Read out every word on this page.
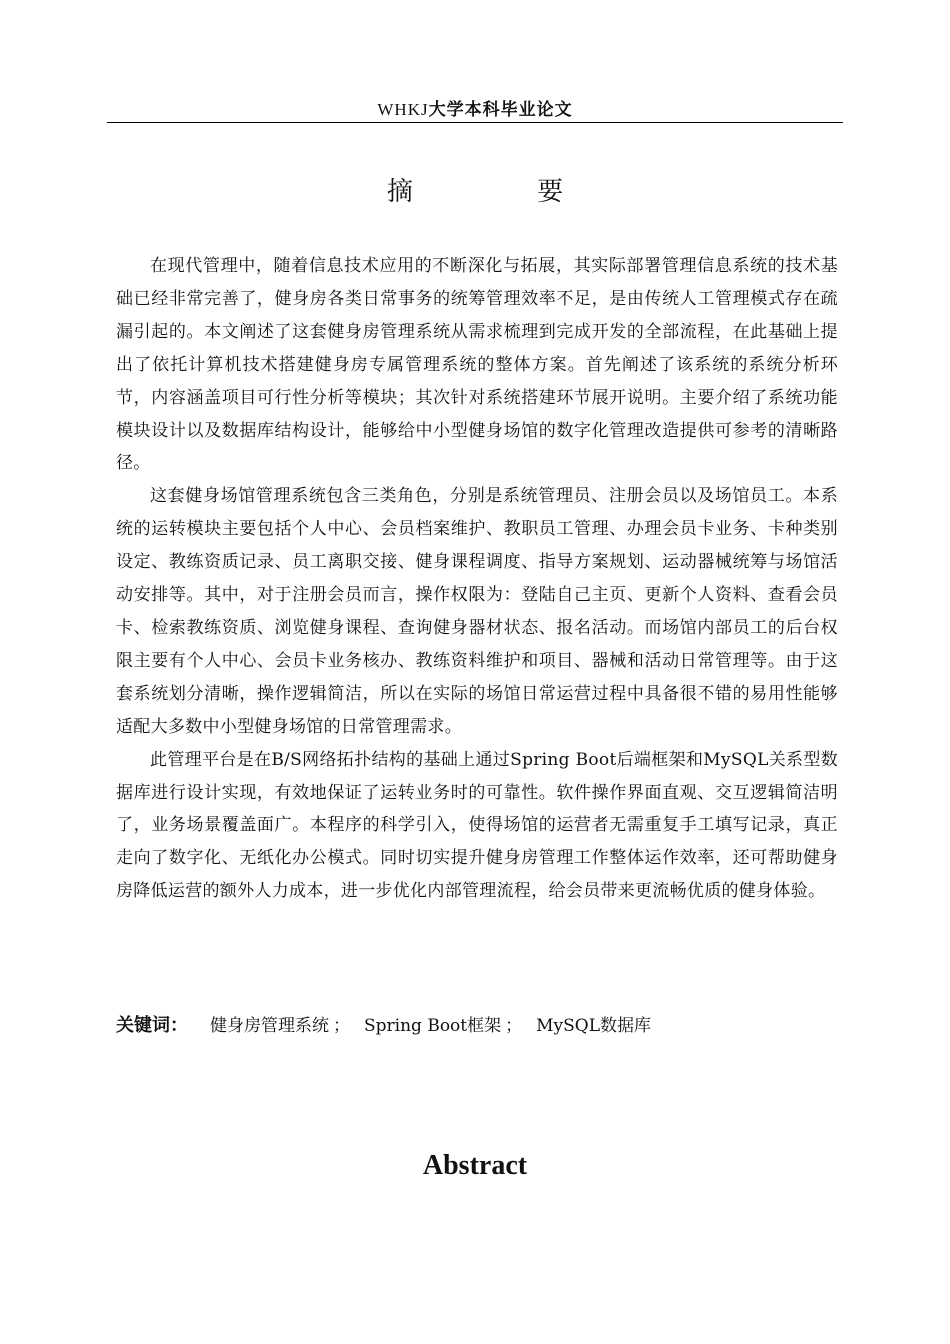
WHKJ大学本科毕业论文
摘 要

在现代管理中，随着信息技术应用的不断深化与拓展，其实际部署管理信息系统的技术基础已经非常完善了，健身房各类日常事务的统筹管理效率不足，是由传统人工管理模式存在疏漏引起的。本文阐述了这套健身房管理系统从需求梳理到完成开发的全部流程，在此基础上提出了依托计算机技术搭建健身房专属管理系统的整体方案。首先阐述了该系统的系统分析环节，内容涵盖项目可行性分析等模块；其次针对系统搭建环节展开说明。主要介绍了系统功能模块设计以及数据库结构设计，能够给中小型健身场馆的数字化管理改造提供可参考的清晰路径。

这套健身场馆管理系统包含三类角色，分别是系统管理员、注册会员以及场馆员工。本系统的运转模块主要包括个人中心、会员档案维护、教职员工管理、办理会员卡业务、卡种类别设定、教练资质记录、员工离职交接、健身课程调度、指导方案规划、运动器械统筹与场馆活动安排等。其中，对于注册会员而言，操作权限为：登陆自己主页、更新个人资料、查看会员卡、检索教练资质、浏览健身课程、查询健身器材状态、报名活动。而场馆内部员工的后台权限主要有个人中心、会员卡业务核办、教练资料维护和项目、器械和活动日常管理等。由于这套系统划分清晰，操作逻辑简洁，所以在实际的场馆日常运营过程中具备很不错的易用性能够适配大多数中小型健身场馆的日常管理需求。

此管理平台是在B/S网络拓扑结构的基础上通过Spring Boot后端框架和MySQL关系型数据库进行设计实现，有效地保证了运转业务时的可靠性。软件操作界面直观、交互逻辑简洁明了，业务场景覆盖面广。本程序的科学引入，使得场馆的运营者无需重复手工填写记录，真正走向了数字化、无纸化办公模式。同时切实提升健身房管理工作整体运作效率，还可帮助健身房降低运营的额外人力成本，进一步优化内部管理流程，给会员带来更流畅优质的健身体验。

关键词： 健身房管理系统 ； Spring Boot框架 ； MySQL数据库
Abstract
